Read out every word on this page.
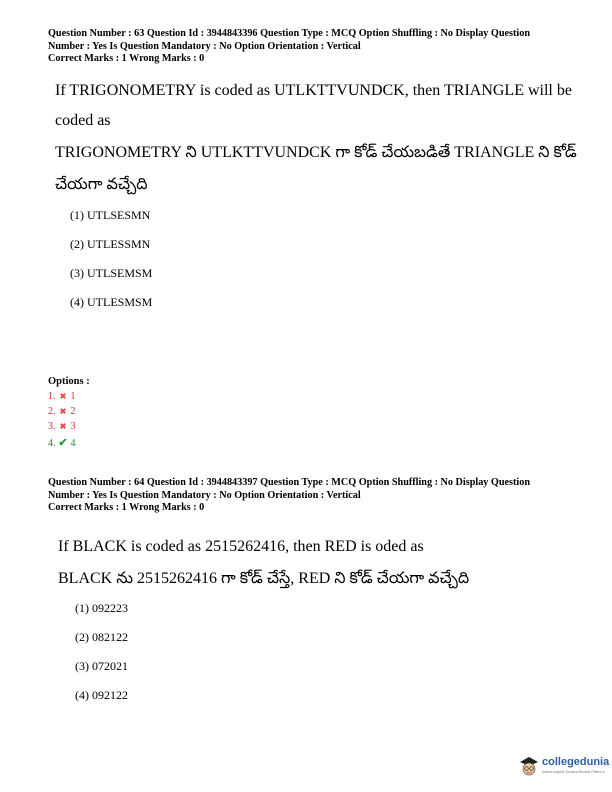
Question Number : 63 Question Id : 3944843396 Question Type : MCQ Option Shuffling : No Display Question
Number : Yes Is Question Mandatory : No Option Orientation : Vertical
Correct Marks : 1 Wrong Marks : 0
If TRIGONOMETRY is coded as UTLKTTVUNDCK, then TRIANGLE will be
coded as
TRIGONOMETRY ని UTLKTTVUNDCK గా కోడ్ చేయబడితే TRIANGLE ని కోడ్
చేయగా వచ్చేది
(1) UTLSESMN
(2) UTLESSMN
(3) UTLSEMSM
(4) UTLESMSM
Options :
1. ✖ 1
2. ✖ 2
3. ✖ 3
4. ✔ 4
Question Number : 64 Question Id : 3944843397 Question Type : MCQ Option Shuffling : No Display Question
Number : Yes Is Question Mandatory : No Option Orientation : Vertical
Correct Marks : 1 Wrong Marks : 0
If BLACK is coded as 2515262416, then RED is oded as
BLACK ను 2515262416 గా కోడ్ చేస్తే, RED ని కోడ్ చేయగా వచ్చేది
(1) 092223
(2) 082122
(3) 072021
(4) 092122
collegedunia
India's largest Student Review Platform
